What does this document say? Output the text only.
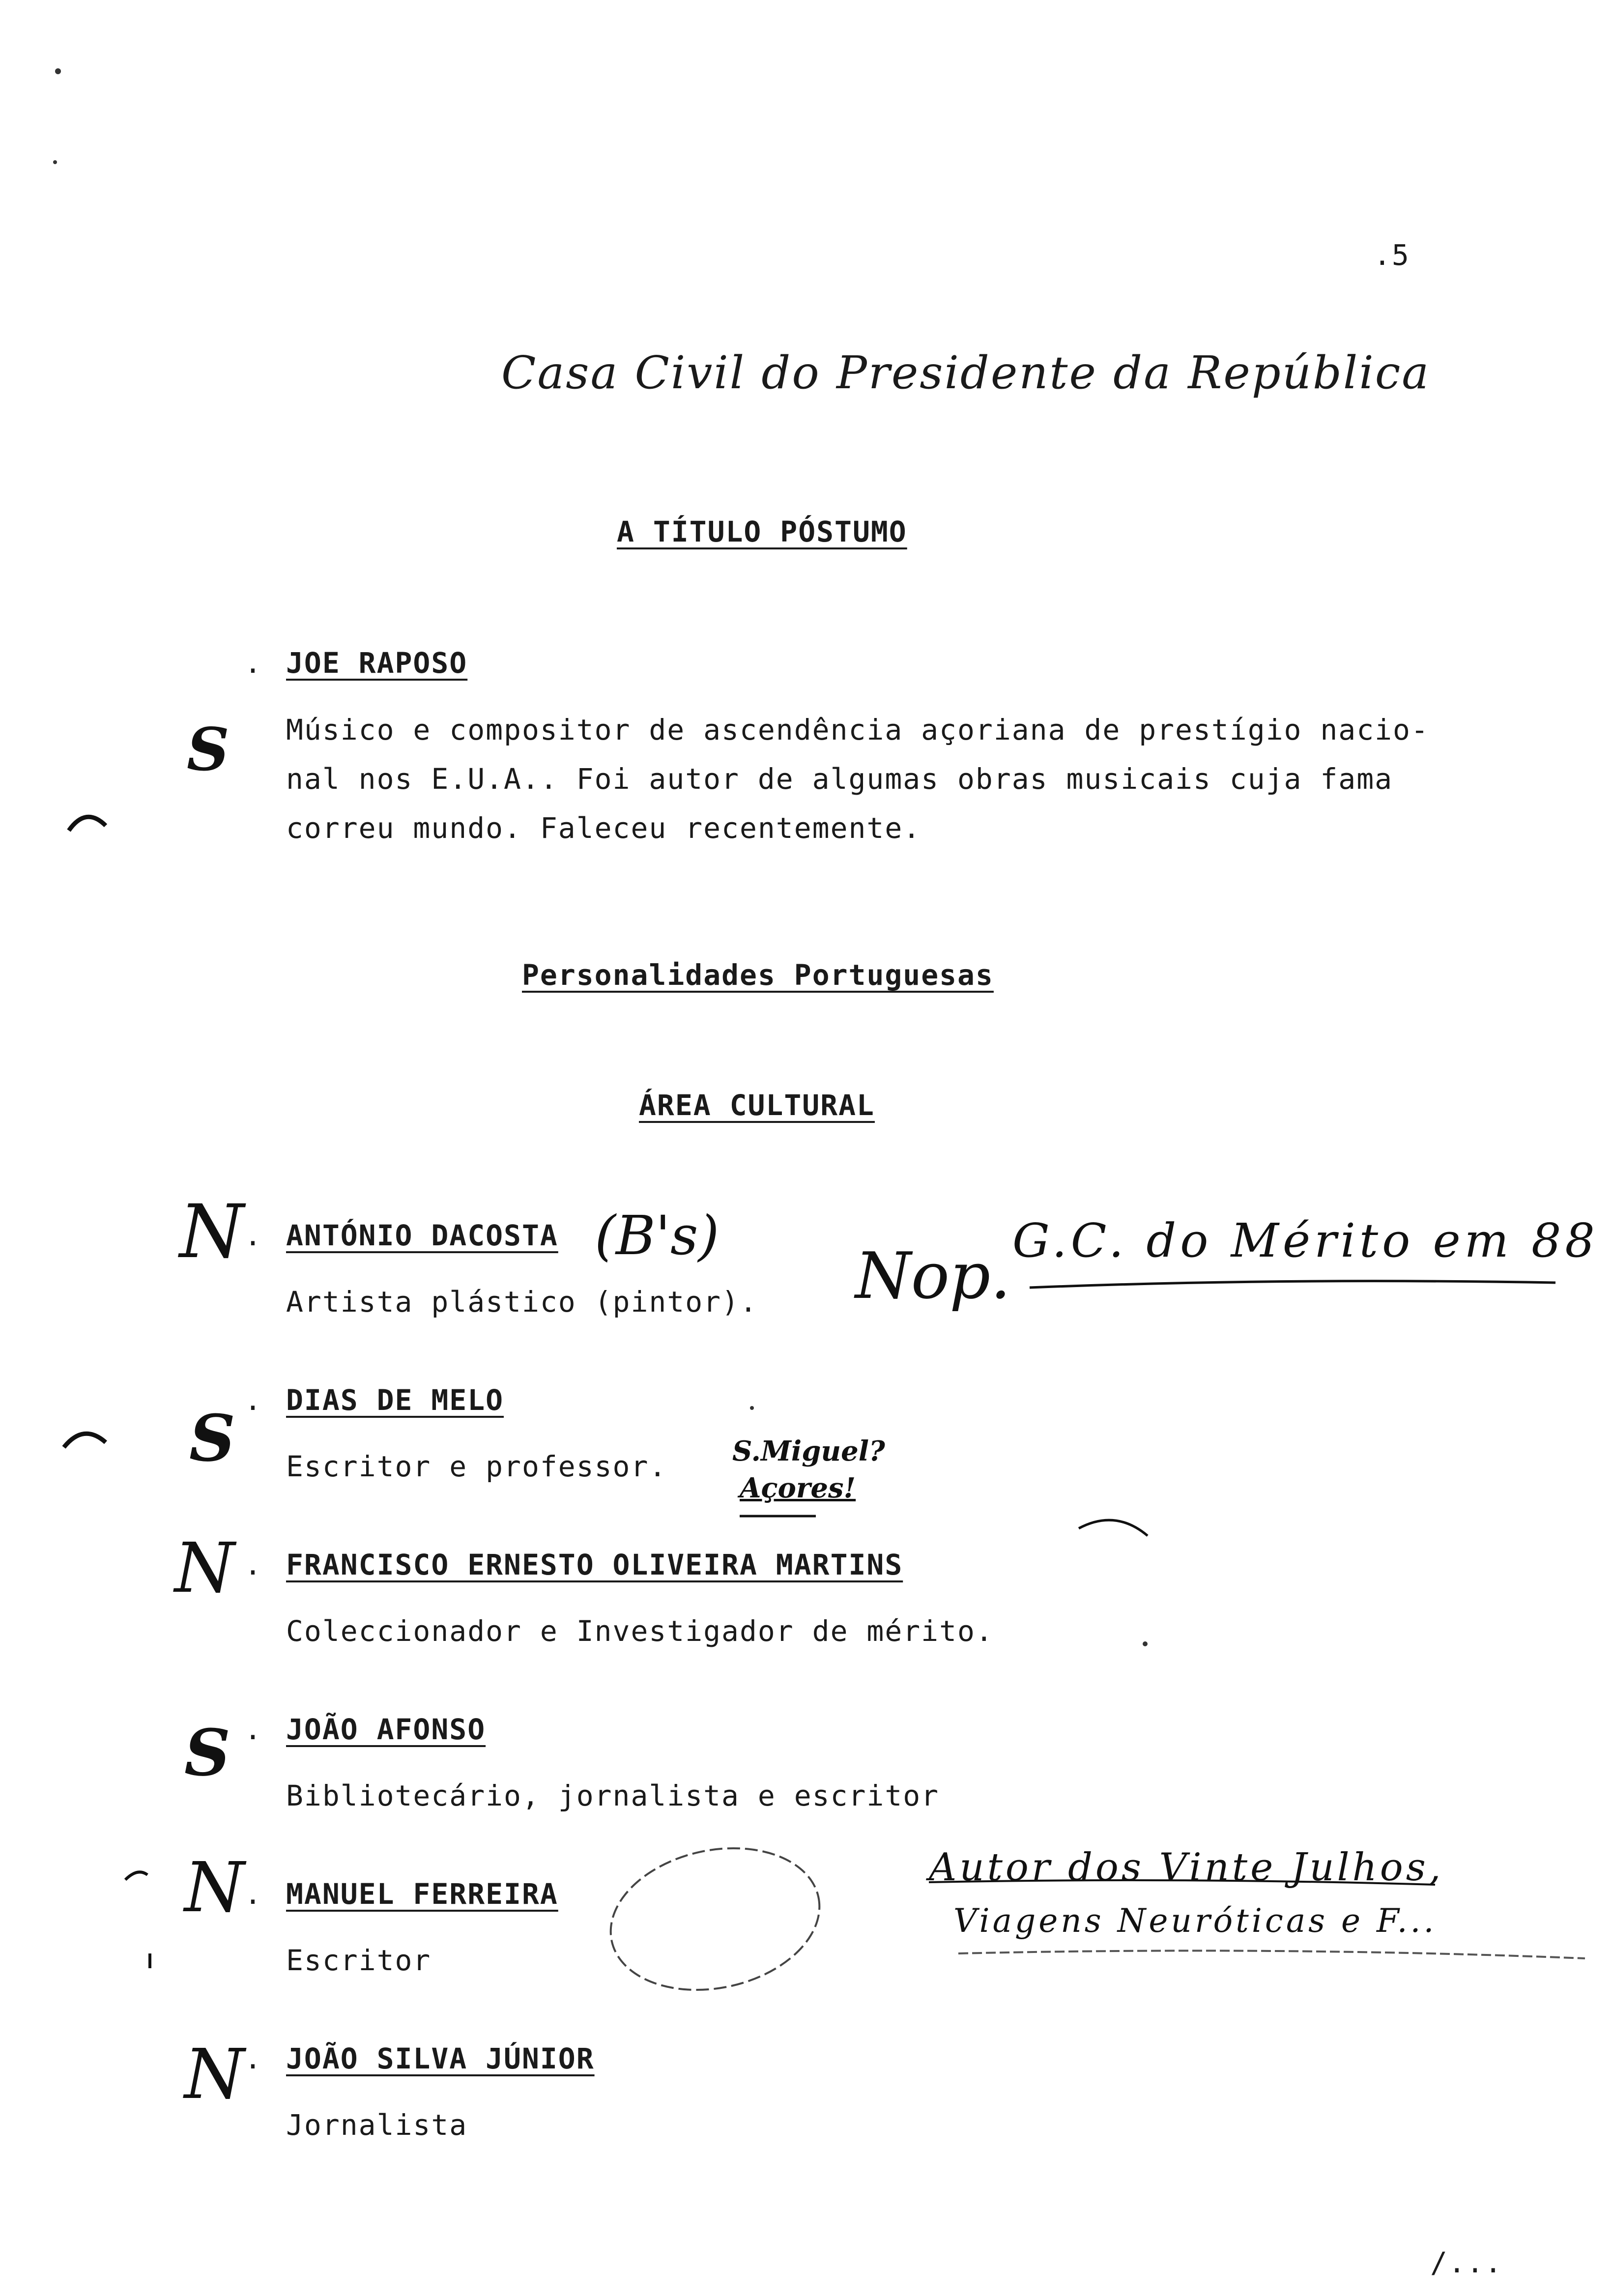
.5
Casa Civil do Presidente da República
A TÍTULO PÓSTUMO
. JOE RAPOSO
S Músico e compositor de ascendência açoriana de prestígio nacio-
nal nos E.U.A.. Foi autor de algumas obras musicais cuja fama
correu mundo. Faleceu recentemente.
Personalidades Portuguesas
ÁREA CULTURAL
N . ANTÓNIO DACOSTA (B's)
Artista plástico (pintor). Nop. G.C. do Mérito em 88
S
. DIAS DE MELO
Escritor e professor. S.Miguel?
Açores!
N . FRANCISCO ERNESTO OLIVEIRA MARTINS
Coleccionador e Investigador de mérito.
S . JOÃO AFONSO
Bibliotecário, jornalista e escritor
N . MANUEL FERREIRA
Escritor
Autor dos Vinte Julhos,
Viagens Neuróticas e F...
N . JOÃO SILVA JÚNIOR
Jornalista
/...
